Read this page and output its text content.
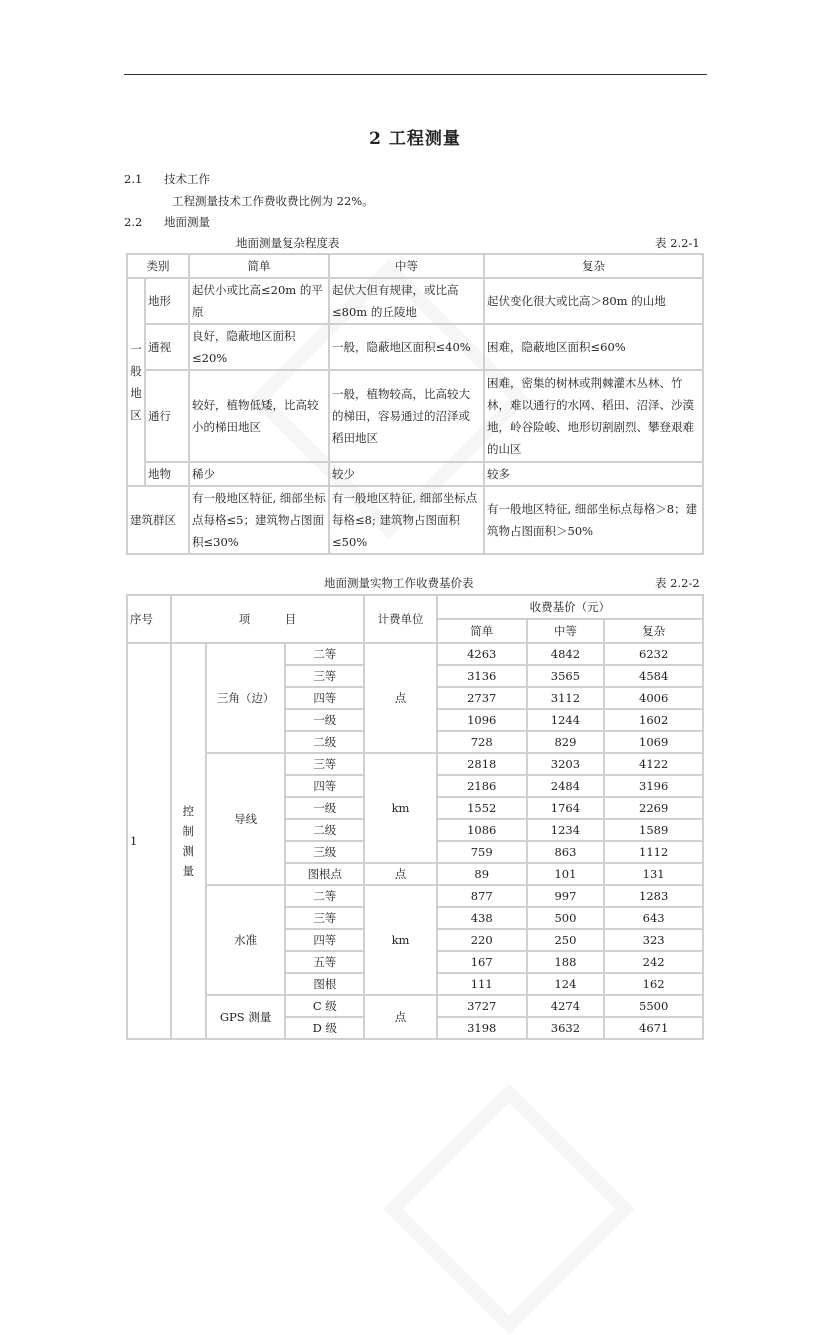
2 工程测量
2.1 技术工作
工程测量技术工作费收费比例为 22%。
2.2 地面测量
地面测量复杂程度表	表 2.2-1
类别		简单	中等	复杂
一
般
地
区	地形	起伏小或比高≤20m 的平原	起伏大但有规律，或比高≤80m 的丘陵地	起伏变化很大或比高＞80m 的山地
	通视	良好，隐蔽地区面积≤20%	一般，隐蔽地区面积≤40%	困难，隐蔽地区面积≤60%
	通行	较好，植物低矮，比高较小的梯田地区	一般，植物较高，比高较大的梯田，容易通过的沼泽或稻田地区	困难，密集的树林或荆棘灌木丛林、竹林，难以通行的水网、稻田、沼泽、沙漠地，岭谷险峻、地形切割剧烈、攀登艰难的山区
	地物	稀少	较少	较多
建筑群区		有一般地区特征, 细部坐标点每格≤5；建筑物占图面积≤30%	有一般地区特征, 细部坐标点每格≤8; 建筑物占图面积≤50%	有一般地区特征, 细部坐标点每格＞8；建筑物占图面积＞50%
地面测量实物工作收费基价表	表 2.2-2
序号	项　　　目			计费单位	收费基价（元）		
					简单	中等	复杂
1	控
制
测
量	三角（边）	二等	点	4263	4842	6232
			三等		3136	3565	4584
			四等		2737	3112	4006
			一级		1096	1244	1602
			二级		728	829	1069
		导线	三等	km	2818	3203	4122
			四等		2186	2484	3196
			一级		1552	1764	2269
			二级		1086	1234	1589
			三级		759	863	1112
			图根点	点	89	101	131
		水准	二等	km	877	997	1283
			三等		438	500	643
			四等		220	250	323
			五等		167	188	242
			图根		111	124	162
		GPS 测量	C 级	点	3727	4274	5500
			D 级		3198	3632	4671
